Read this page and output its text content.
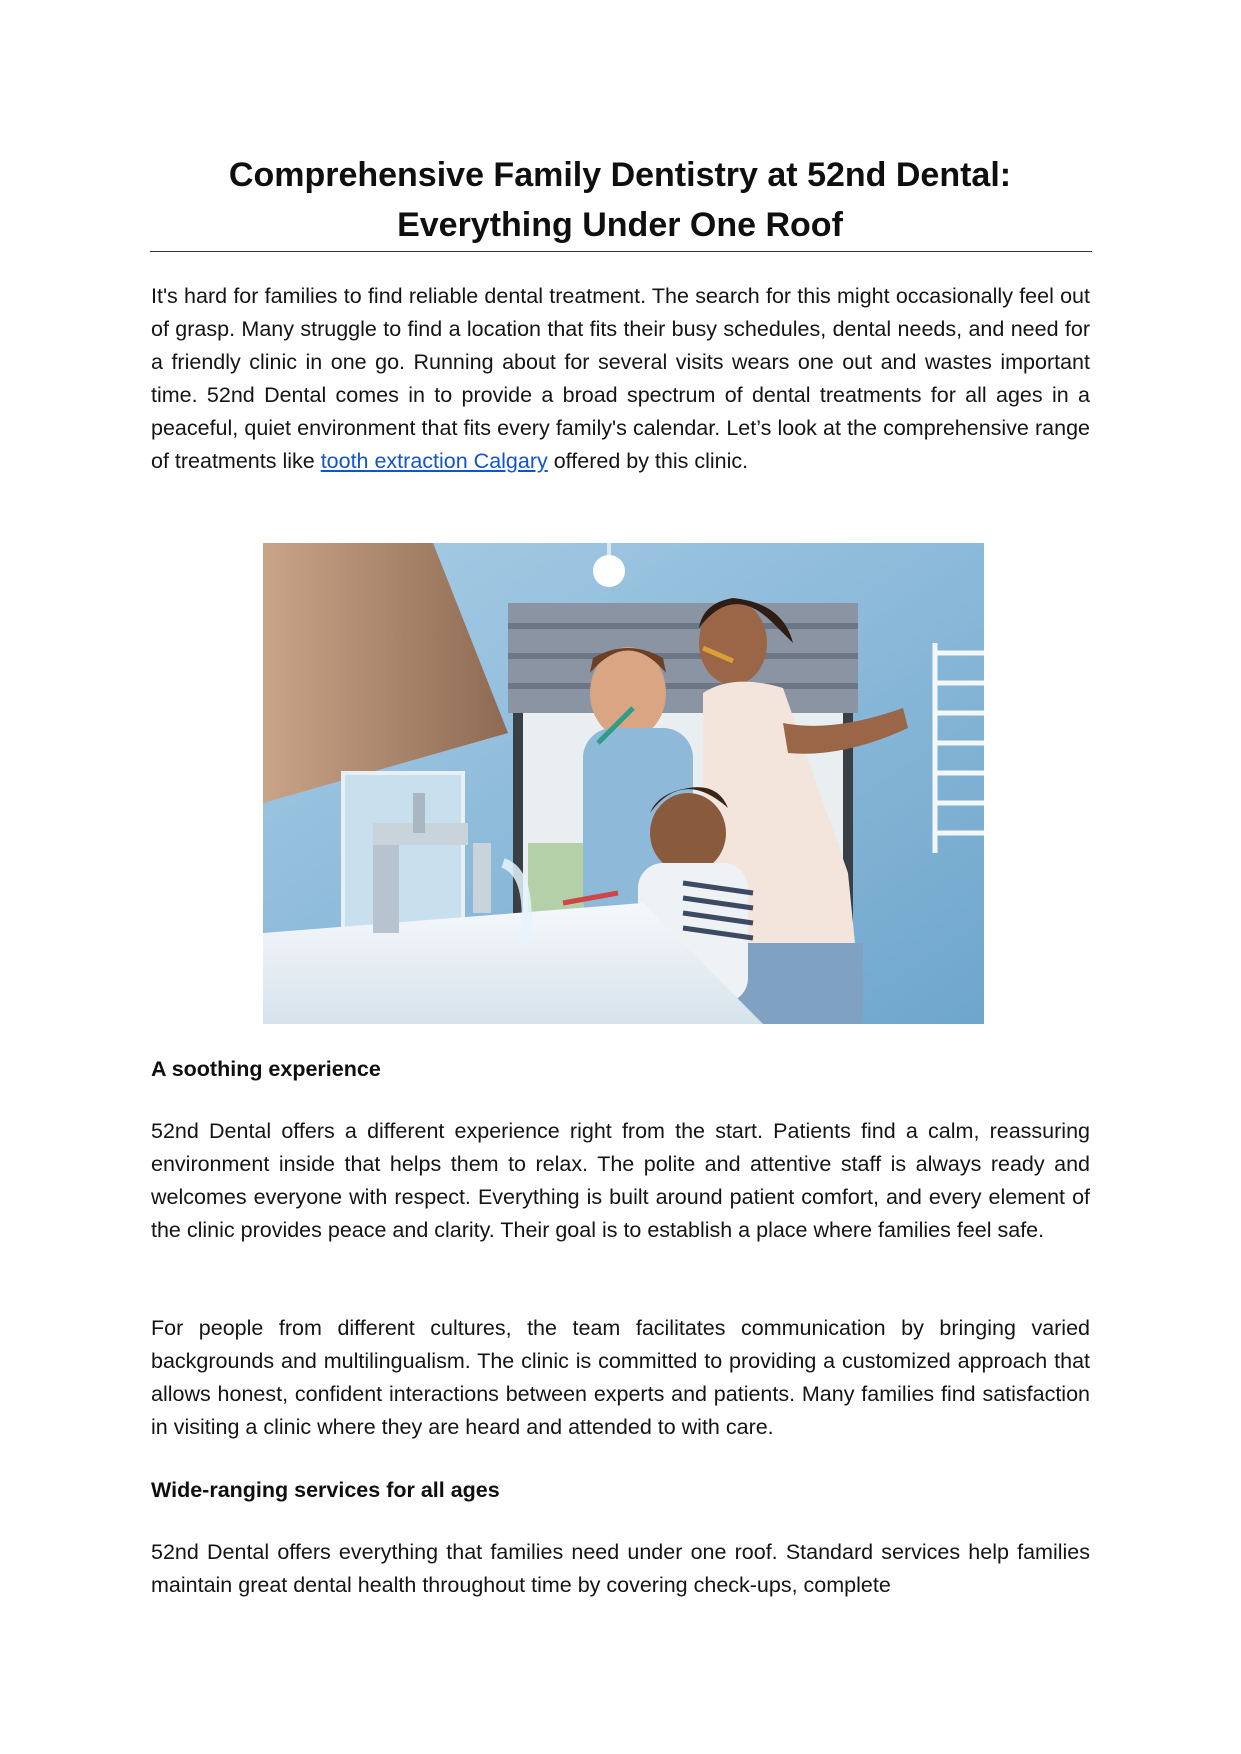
Comprehensive Family Dentistry at 52nd Dental: Everything Under One Roof

It's hard for families to find reliable dental treatment. The search for this might occasionally feel out of grasp. Many struggle to find a location that fits their busy schedules, dental needs, and need for a friendly clinic in one go. Running about for several visits wears one out and wastes important time. 52nd Dental comes in to provide a broad spectrum of dental treatments for all ages in a peaceful, quiet environment that fits every family's calendar. Let’s look at the comprehensive range of treatments like tooth extraction Calgary offered by this clinic.

A soothing experience

52nd Dental offers a different experience right from the start. Patients find a calm, reassuring environment inside that helps them to relax. The polite and attentive staff is always ready and welcomes everyone with respect. Everything is built around patient comfort, and every element of the clinic provides peace and clarity. Their goal is to establish a place where families feel safe.

For people from different cultures, the team facilitates communication by bringing varied backgrounds and multilingualism. The clinic is committed to providing a customized approach that allows honest, confident interactions between experts and patients. Many families find satisfaction in visiting a clinic where they are heard and attended to with care.

Wide-ranging services for all ages

52nd Dental offers everything that families need under one roof. Standard services help families maintain great dental health throughout time by covering check-ups, complete
